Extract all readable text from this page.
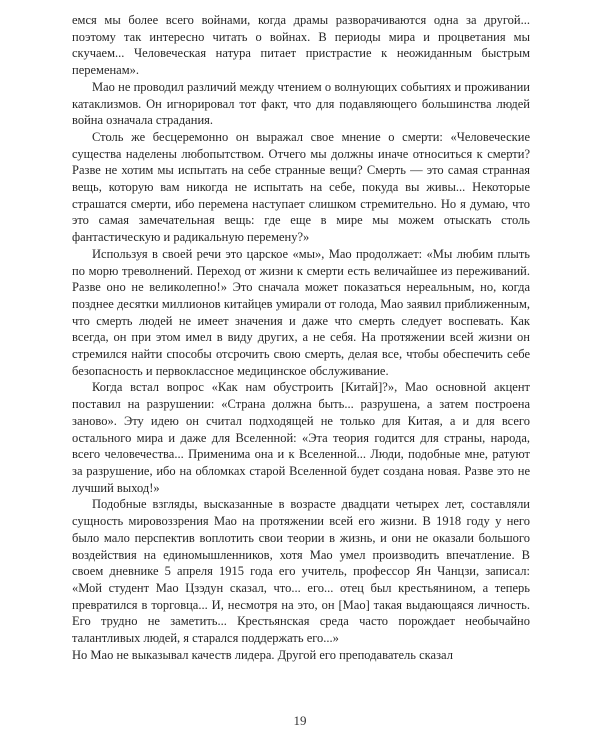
емся мы более всего войнами, когда драмы разворачиваются одна за другой... поэтому так интересно читать о войнах. В периоды мира и процветания мы скучаем... Человеческая натура питает пристрастие к неожиданным быстрым переменам».

Мао не проводил различий между чтением о волнующих событиях и проживании катаклизмов. Он игнорировал тот факт, что для подавляющего большинства людей война означала страдания.

Столь же бесцеремонно он выражал свое мнение о смерти: «Человеческие существа наделены любопытством. Отчего мы должны иначе относиться к смерти? Разве не хотим мы испытать на себе странные вещи? Смерть — это самая странная вещь, которую вам никогда не испытать на себе, покуда вы живы... Некоторые страшатся смерти, ибо перемена наступает слишком стремительно. Но я думаю, что это самая замечательная вещь: где еще в мире мы можем отыскать столь фантастическую и радикальную перемену?»

Используя в своей речи это царское «мы», Мао продолжает: «Мы любим плыть по морю треволнений. Переход от жизни к смерти есть величайшее из переживаний. Разве оно не великолепно!» Это сначала может показаться нереальным, но, когда позднее десятки миллионов китайцев умирали от голода, Мао заявил приближенным, что смерть людей не имеет значения и даже что смерть следует воспевать. Как всегда, он при этом имел в виду других, а не себя. На протяжении всей жизни он стремился найти способы отсрочить свою смерть, делая все, чтобы обеспечить себе безопасность и первоклассное медицинское обслуживание.

Когда встал вопрос «Как нам обустроить [Китай]?», Мао основной акцент поставил на разрушении: «Страна должна быть... разрушена, а затем построена заново». Эту идею он считал подходящей не только для Китая, а и для всего остального мира и даже для Вселенной: «Эта теория годится для страны, народа, всего человечества... Применима она и к Вселенной... Люди, подобные мне, ратуют за разрушение, ибо на обломках старой Вселенной будет создана новая. Разве это не лучший выход!»

Подобные взгляды, высказанные в возрасте двадцати четырех лет, составляли сущность мировоззрения Мао на протяжении всей его жизни. В 1918 году у него было мало перспектив воплотить свои теории в жизнь, и они не оказали большого воздействия на единомышленников, хотя Мао умел производить впечатление. В своем дневнике 5 апреля 1915 года его учитель, профессор Ян Чанцзи, записал: «Мой студент Мао Цзэдун сказал, что... его... отец был крестьянином, а теперь превратился в торговца... И, несмотря на это, он [Мао] такая выдающаяся личность. Его трудно не заметить... Крестьянская среда часто порождает необычайно талантливых людей, я старался поддержать его...»

Но Мао не выказывал качеств лидера. Другой его преподаватель сказал

19
